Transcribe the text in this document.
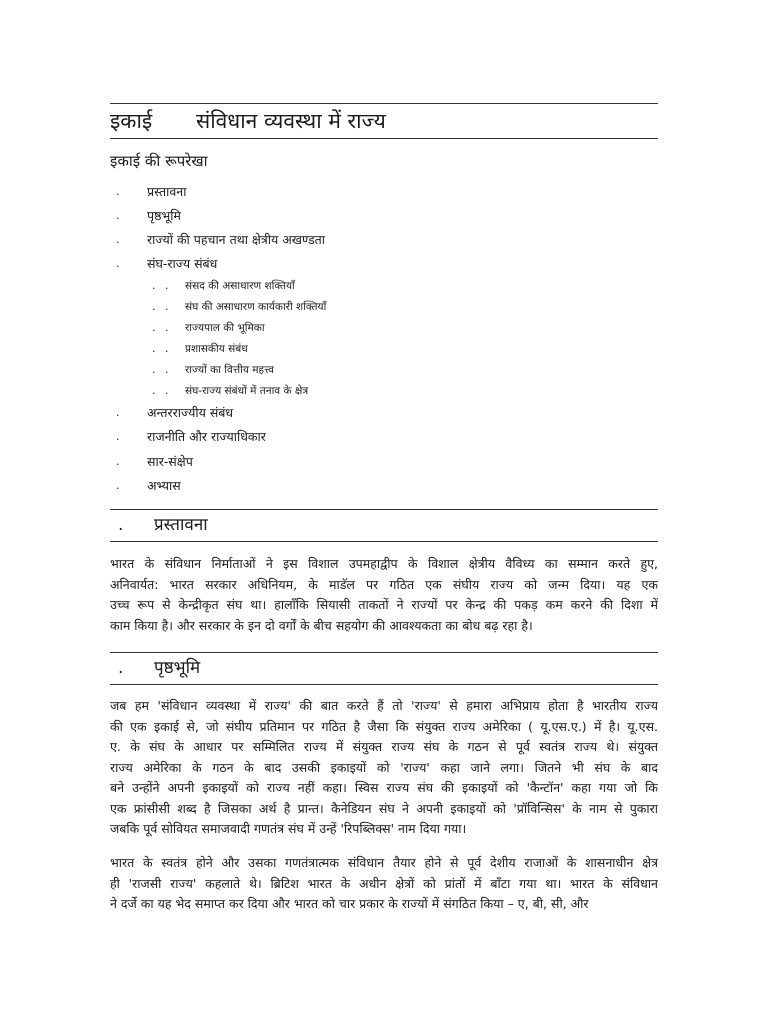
इकाई संविधान व्यवस्था में राज्य
इकाई की रूपरेखा
. प्रस्तावना
. पृष्ठभूमि
. राज्यों की पहचान तथा क्षेत्रीय अखण्डता
. संघ-राज्य संबंध
. . संसद की असाधारण शक्तियाँ
. . संघ की असाधारण कार्यकारी शक्तियाँ
. . राज्यपाल की भूमिका
. . प्रशासकीय संबंध
. . राज्यों का वित्तीय महत्त्व
. . संघ-राज्य संबंधों में तनाव के क्षेत्र
. अन्तरराज्यीय संबंध
. राजनीति और राज्याधिकार
. सार-संक्षेप
. अभ्यास
. प्रस्तावना

भारत के संविधान निर्माताओं ने इस विशाल उपमहाद्वीप के विशाल क्षेत्रीय वैविध्य का सम्मान करते हुए,

अनिवार्यत: भारत सरकार अधिनियम, के माडॅल पर गठित एक संघीय राज्य को जन्म दिया। यह एक

उच्च रूप से केन्द्रीकृत संघ था। हालाँकि सियासी ताकतों ने राज्यों पर केन्द्र की पकड़ कम करने की दिशा में

काम किया है। और सरकार के इन दो वर्गों के बीच सहयोग की आवश्यकता का बोध बढ़ रहा है।

. पृष्ठभूमि

जब हम 'संविधान व्यवस्था में राज्य' की बात करते हैं तो 'राज्य' से हमारा अभिप्राय होता है भारतीय राज्य

की एक इकाई से, जो संघीय प्रतिमान पर गठित है जैसा कि संयुक्त राज्य अमेरिका ( यू.एस.ए.) में है। यू.एस.

ए. के संघ के आधार पर सम्मिलित राज्य में संयुक्त राज्य संघ के गठन से पूर्व स्वतंत्र राज्य थे। संयुक्त

राज्य अमेरिका के गठन के बाद उसकी इकाइयों को 'राज्य' कहा जाने लगा। जितने भी संघ के बाद

बने उन्होंने अपनी इकाइयों को राज्य नहीं कहा। स्विस राज्य संघ की इकाइयों को 'कैन्टॉन' कहा गया जो कि

एक फ्रांसीसी शब्द है जिसका अर्थ है प्रान्त। कैनेडियन संघ ने अपनी इकाइयों को 'प्रॉविन्सिस' के नाम से पुकारा

जबकि पूर्व सोवियत समाजवादी गणतंत्र संघ में उन्हें 'रिपब्लिक्स' नाम दिया गया।

भारत के स्वतंत्र होने और उसका गणतंत्रात्मक संविधान तैयार होने से पूर्व देशीय राजाओं के शासनाधीन क्षेत्र

ही 'राजसी राज्य' कहलाते थे। ब्रिटिश भारत के अधीन क्षेत्रों को प्रांतों में बाँटा गया था। भारत के संविधान

ने दर्जे का यह भेद समाप्त कर दिया और भारत को चार प्रकार के राज्यों में संगठित किया – ए, बी, सी, और
